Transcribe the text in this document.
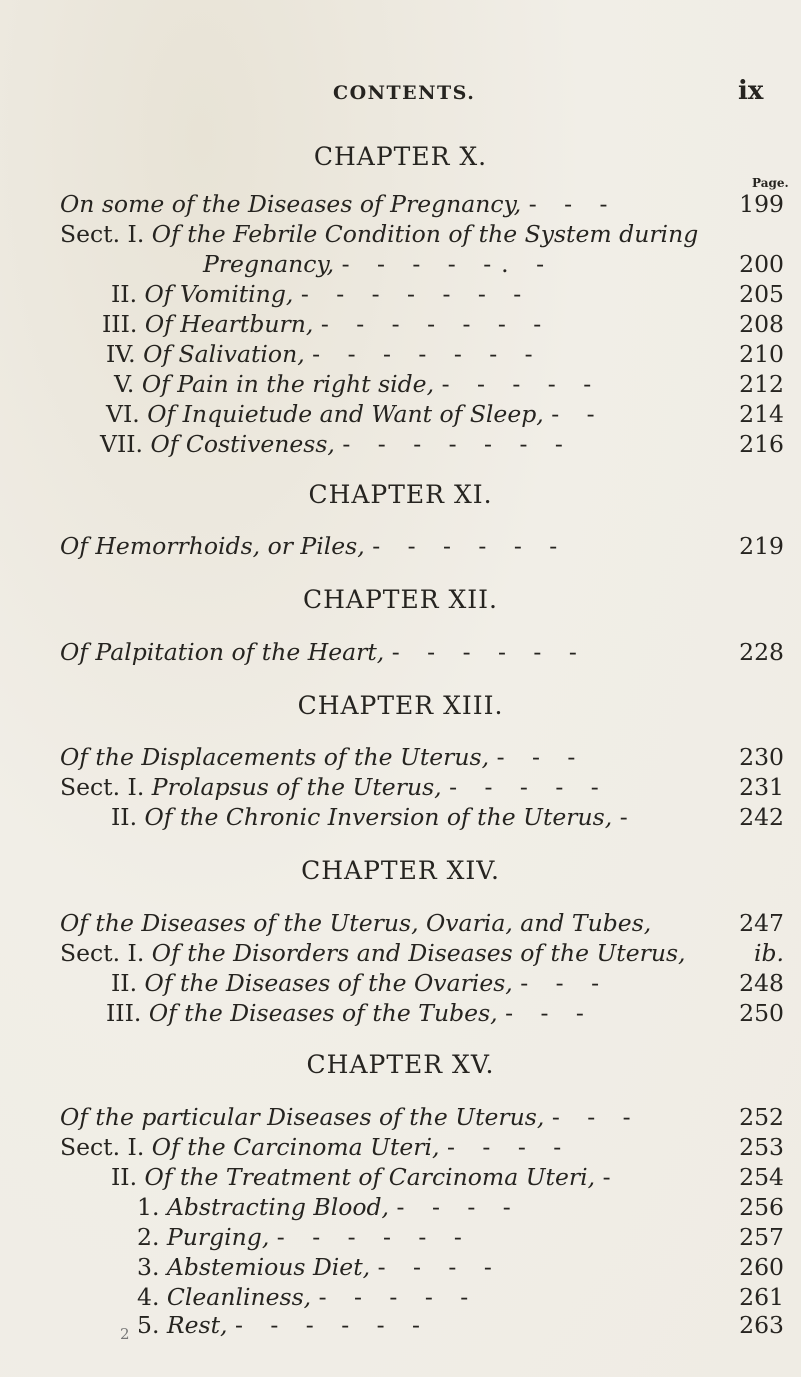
CONTENTS.	ix
Page.
CHAPTER X.
On some of the Diseases of Pregnancy, - - -	199
Sect. I. Of the Febrile Condition of the System during
Pregnancy, - - - - -. -	200
II. Of Vomiting, - - - - - - -	205
III. Of Heartburn, - - - - - - -	208
IV. Of Salivation, - - - - - - -	210
V. Of Pain in the right side, - - - - -	212
VI. Of Inquietude and Want of Sleep, - -	214
VII. Of Costiveness, - - - - - - -	216
CHAPTER XI.
Of Hemorrhoids, or Piles, - - - - - -	219
CHAPTER XII.
Of Palpitation of the Heart, - - - - - -	228
CHAPTER XIII.
Of the Displacements of the Uterus, - - -	230
Sect. I. Prolapsus of the Uterus, - - - - -	231
II. Of the Chronic Inversion of the Uterus, -	242
CHAPTER XIV.
Of the Diseases of the Uterus, Ovaria, and Tubes,	247
Sect. I. Of the Disorders and Diseases of the Uterus,	ib.
II. Of the Diseases of the Ovaries, - - -	248
III. Of the Diseases of the Tubes, - - -	250
CHAPTER XV.
Of the particular Diseases of the Uterus, - - -	252
Sect. I. Of the Carcinoma Uteri, - - - -	253
II. Of the Treatment of Carcinoma Uteri, -	254
1. Abstracting Blood, - - - -	256
2. Purging, - - - - - -	257
3. Abstemious Diet, - - - -	260
4. Cleanliness, - - - - -	261
5. Rest, - - - - - -	263
2
